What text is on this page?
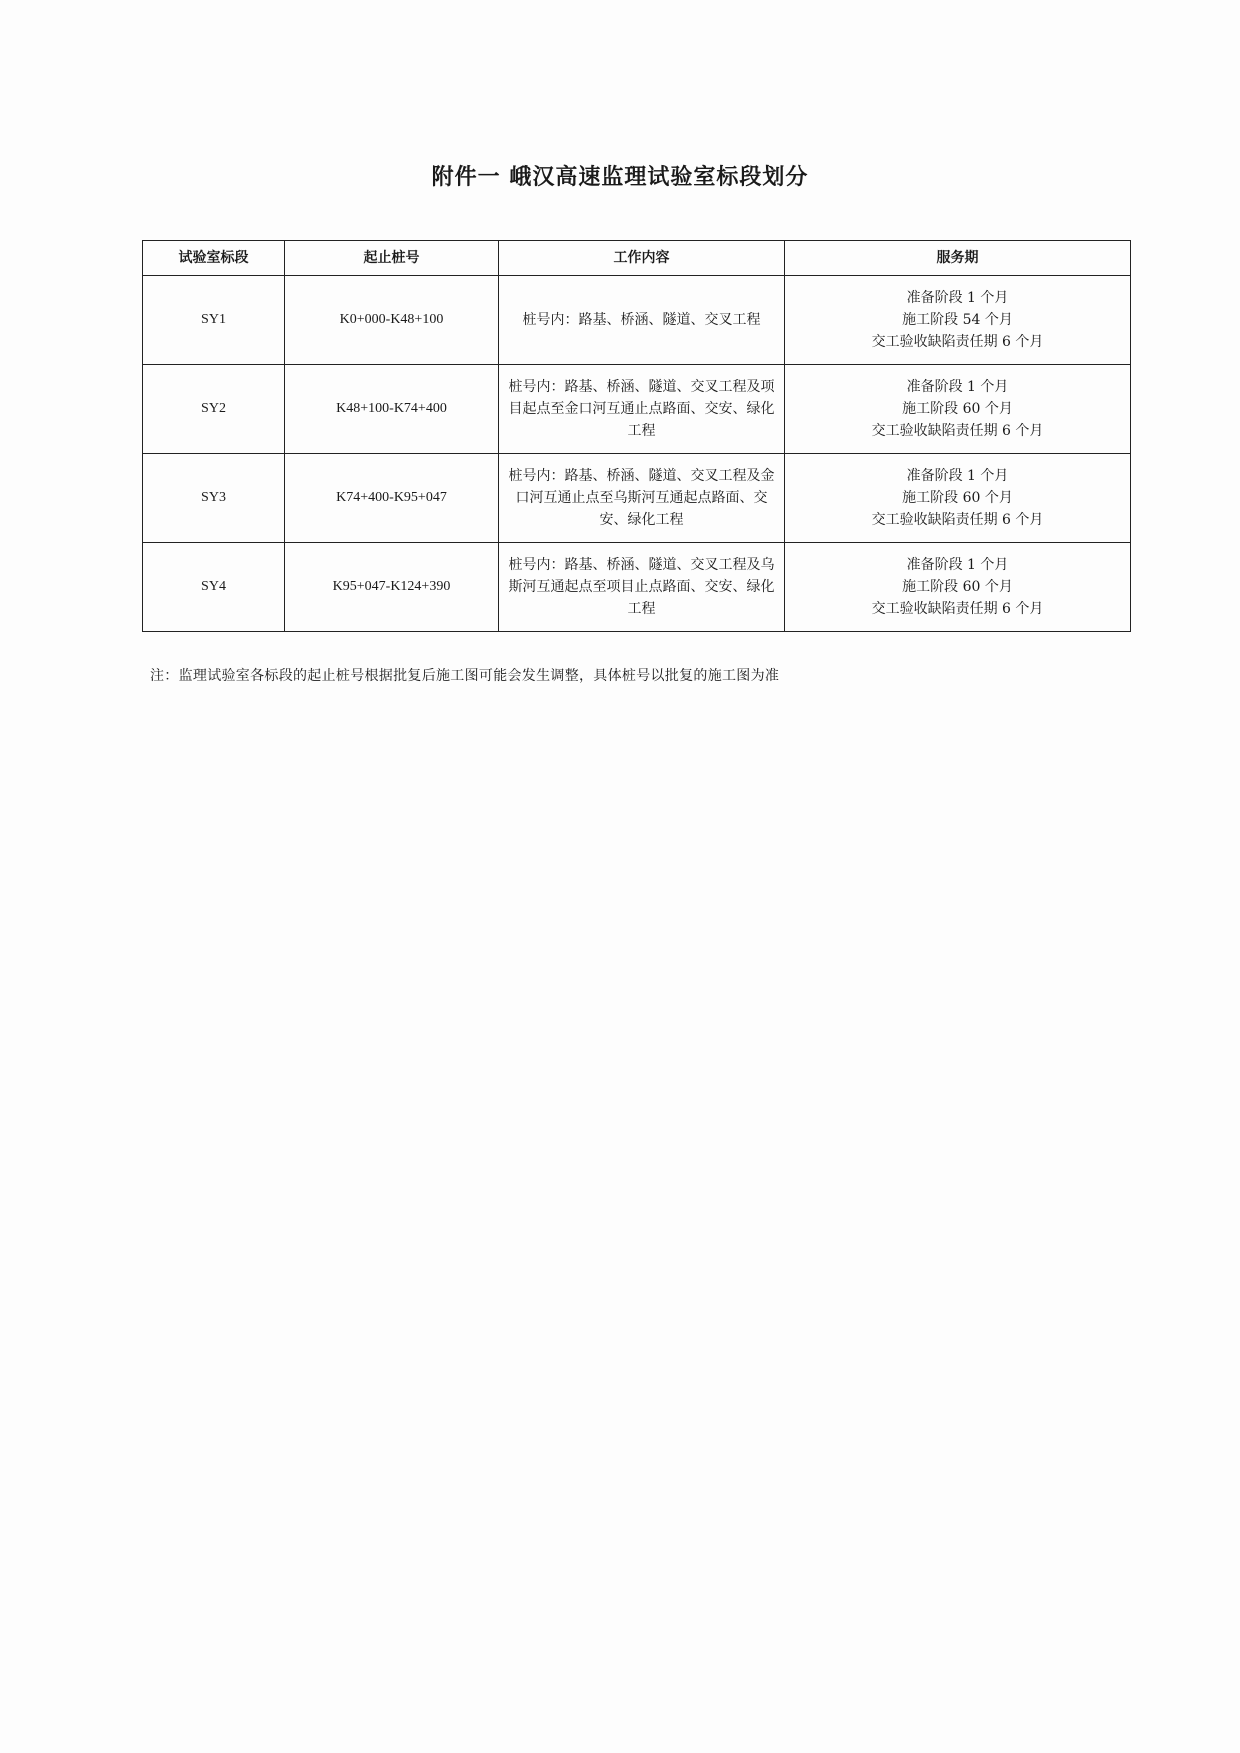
附件一 峨汉高速监理试验室标段划分
试验室标段	起止桩号	工作内容	服务期
SY1	K0+000-K48+100	桩号内：路基、桥涵、隧道、交叉工程	准备阶段 1 个月
施工阶段 54 个月
交工验收缺陷责任期 6 个月

SY2	K48+100-K74+400	桩号内：路基、桥涵、隧道、交叉工程及项目起点至金口河互通止点路面、交安、绿化工程	准备阶段 1 个月
施工阶段 60 个月
交工验收缺陷责任期 6 个月

SY3	K74+400-K95+047	桩号内：路基、桥涵、隧道、交叉工程及金口河互通止点至乌斯河互通起点路面、交安、绿化工程	准备阶段 1 个月
施工阶段 60 个月
交工验收缺陷责任期 6 个月

SY4	K95+047-K124+390	桩号内：路基、桥涵、隧道、交叉工程及乌斯河互通起点至项目止点路面、交安、绿化工程	准备阶段 1 个月
施工阶段 60 个月
交工验收缺陷责任期 6 个月
注：监理试验室各标段的起止桩号根据批复后施工图可能会发生调整，具体桩号以批复的施工图为准
